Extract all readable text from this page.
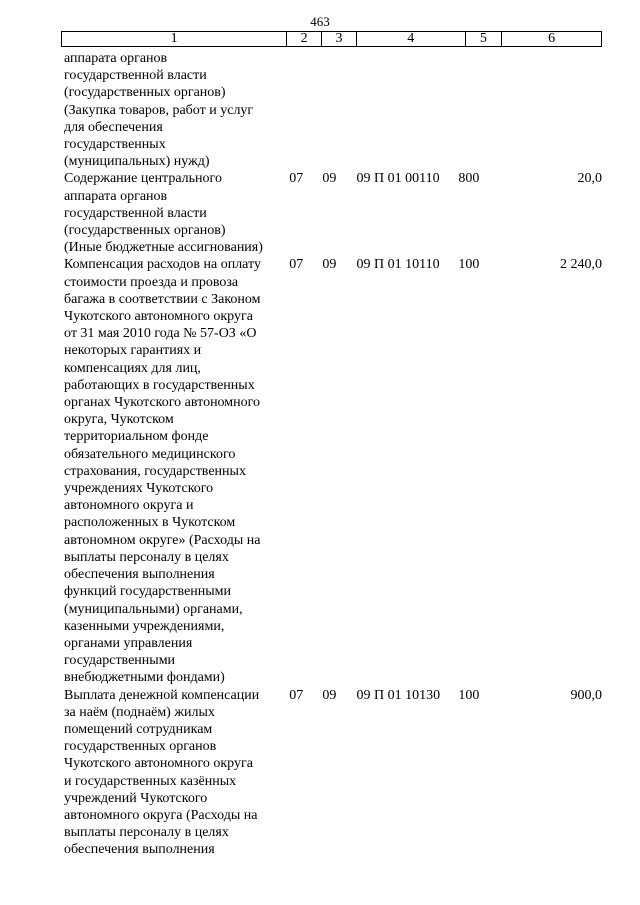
463
1	2	3	4	5	6
аппарата органов
государственной власти
(государственных органов)
(Закупка товаров, работ и услуг
для обеспечения
государственных
(муниципальных) нужд)
Содержание центрального
аппарата органов
государственной власти
(государственных органов)
(Иные бюджетные ассигнования)
07	09	09 П 01 00110	800	20,0
Компенсация расходов на оплату
стоимости проезда и провоза
багажа в соответствии с Законом
Чукотского автономного округа
от 31 мая 2010 года № 57-ОЗ «О
некоторых гарантиях и
компенсациях для лиц,
работающих в государственных
органах Чукотского автономного
округа, Чукотском
территориальном фонде
обязательного медицинского
страхования, государственных
учреждениях Чукотского
автономного округа и
расположенных в Чукотском
автономном округе» (Расходы на
выплаты персоналу в целях
обеспечения выполнения
функций государственными
(муниципальными) органами,
казенными учреждениями,
органами управления
государственными
внебюджетными фондами)
07	09	09 П 01 10110	100	2 240,0
Выплата денежной компенсации
за наём (поднаём) жилых
помещений сотрудникам
государственных органов
Чукотского автономного округа
и государственных казённых
учреждений Чукотского
автономного округа (Расходы на
выплаты персоналу в целях
обеспечения выполнения
07	09	09 П 01 10130	100	900,0
